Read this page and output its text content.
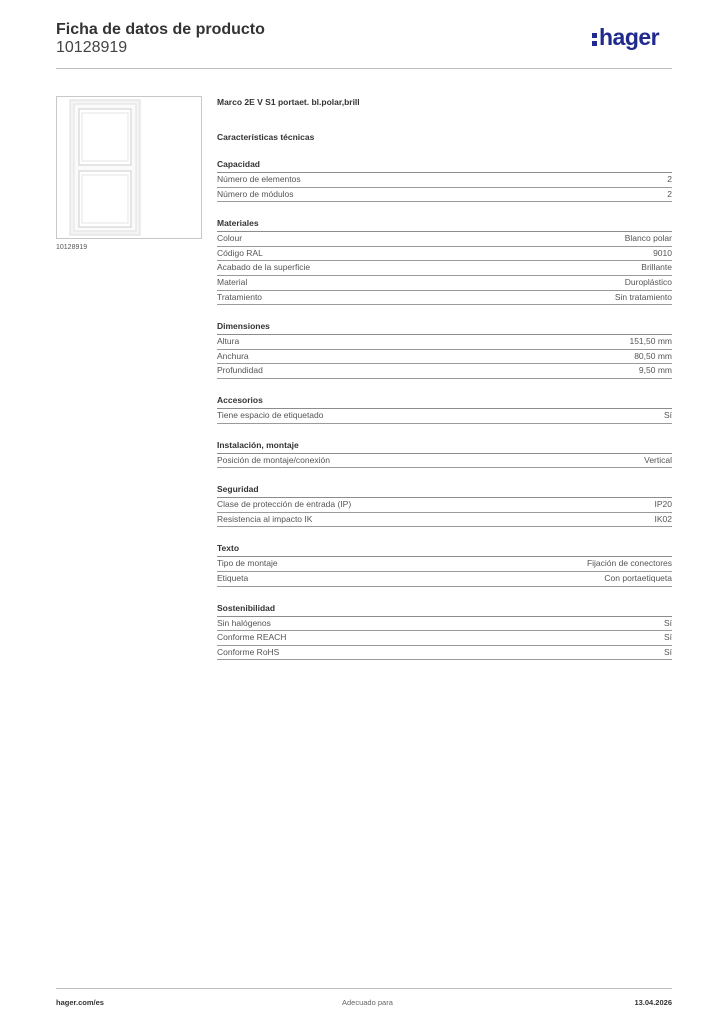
Ficha de datos de producto
10128919	hager
10128919
Marco 2E V S1 portaet. bl.polar,brill
Características técnicas
Capacidad
Número de elementos	2
Número de módulos	2
Materiales
Colour	Blanco polar
Código RAL	9010
Acabado de la superficie	Brillante
Material	Duroplástico
Tratamiento	Sin tratamiento
Dimensiones
Altura	151,50 mm
Anchura	80,50 mm
Profundidad	9,50 mm
Accesorios
Tiene espacio de etiquetado	Sí
Instalación, montaje
Posición de montaje/conexión	Vertical
Seguridad
Clase de protección de entrada (IP)	IP20
Resistencia al impacto IK	IK02
Texto
Tipo de montaje	Fijación de conectores
Etiqueta	Con portaetiqueta
Sostenibilidad
Sin halógenos	Sí
Conforme REACH	Sí
Conforme RoHS	Sí
hager.com/es	Adecuado para	13.04.2026
